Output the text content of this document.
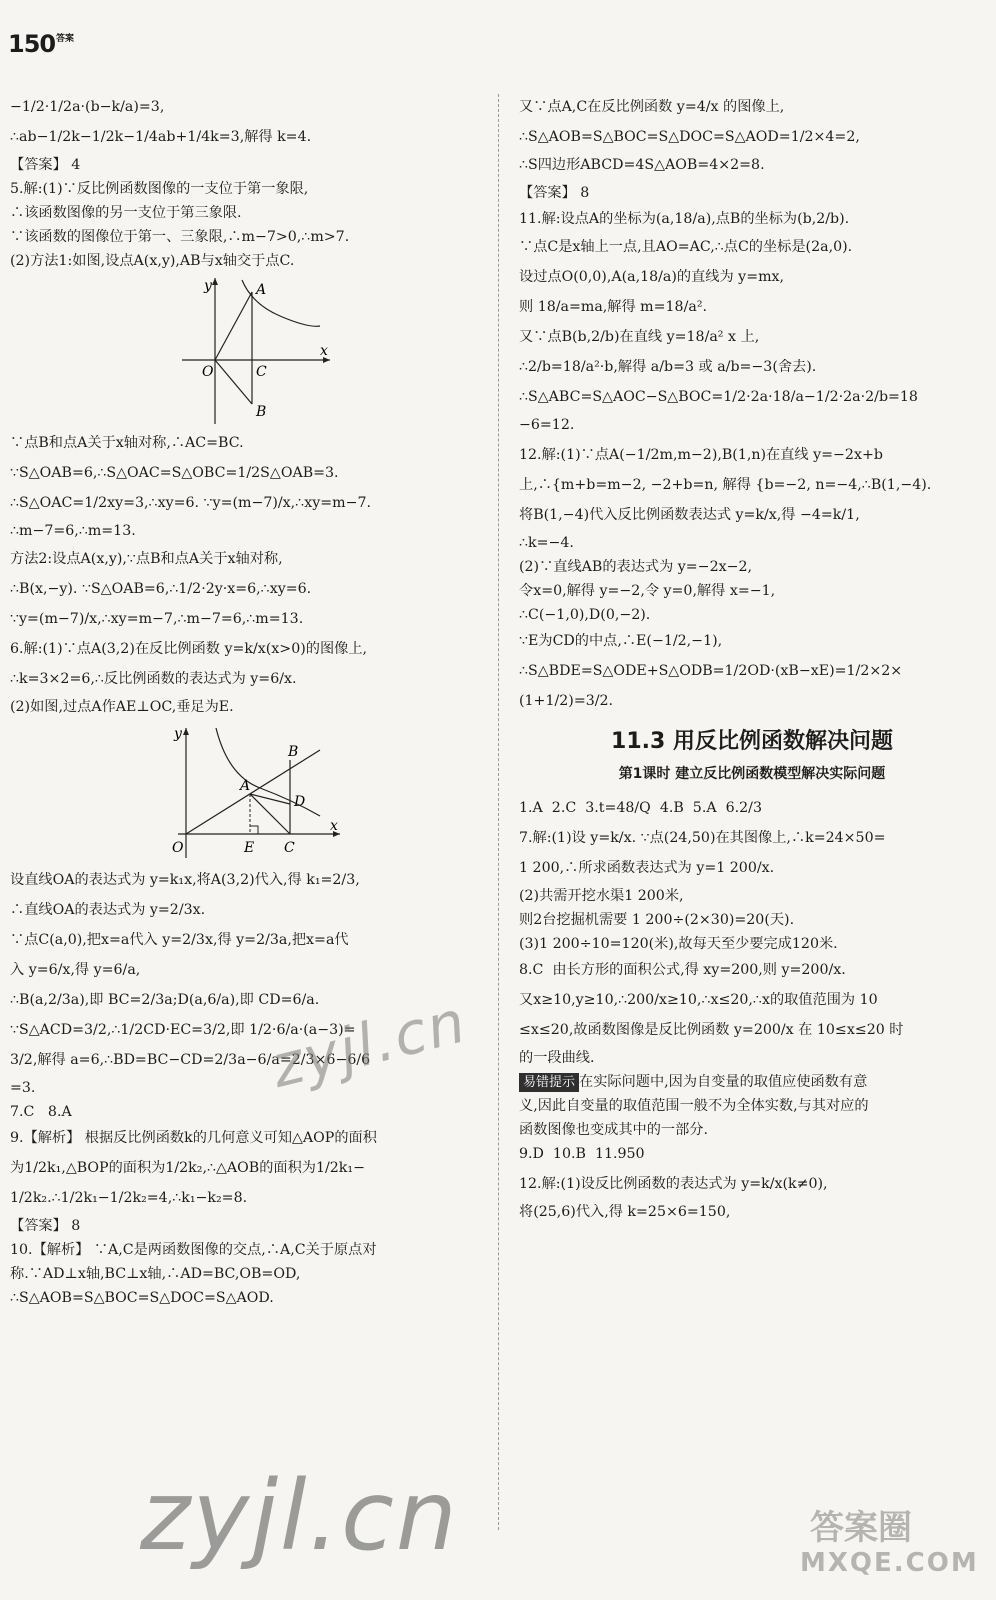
150 答案
−1/2·1/2a·(b−k/a)=3,
∴ab−1/2k−1/2k−1/4ab+1/4k=3,解得 k=4.
【答案】 4
5.解:(1)∵反比例函数图像的一支位于第一象限,
∴该函数图像的另一支位于第三象限.
∵该函数的图像位于第一、三象限,∴m−7>0,∴m>7.
(2)方法1:如图,设点A(x,y),AB与x轴交于点C.
y
x
O
A
C
B
∵点B和点A关于x轴对称,∴AC=BC.
∵S△OAB=6,∴S△OAC=S△OBC=1/2S△OAB=3.
∴S△OAC=1/2xy=3,∴xy=6. ∵y=(m−7)/x,∴xy=m−7.
∴m−7=6,∴m=13.
方法2:设点A(x,y),∵点B和点A关于x轴对称,
∴B(x,−y). ∵S△OAB=6,∴1/2·2y·x=6,∴xy=6.
∵y=(m−7)/x,∴xy=m−7,∴m−7=6,∴m=13.
6.解:(1)∵点A(3,2)在反比例函数 y=k/x(x>0)的图像上,
∴k=3×2=6,∴反比例函数的表达式为 y=6/x.
(2)如图,过点A作AE⊥OC,垂足为E.
y
x
O
A
B
D
E C
设直线OA的表达式为 y=k₁x,将A(3,2)代入,得 k₁=2/3,
∴直线OA的表达式为 y=2/3x.
∵点C(a,0),把x=a代入 y=2/3x,得 y=2/3a,把x=a代
入 y=6/x,得 y=6/a,
∴B(a,2/3a),即 BC=2/3a;D(a,6/a),即 CD=6/a.
∵S△ACD=3/2,∴1/2CD·EC=3/2,即 1/2·6/a·(a−3)=
3/2,解得 a=6,∴BD=BC−CD=2/3a−6/a=2/3×6−6/6
=3.
7.C   8.A
9.【解析】 根据反比例函数k的几何意义可知△AOP的面积
为1/2k₁,△BOP的面积为1/2k₂,∴△AOB的面积为1/2k₁−
1/2k₂.∴1/2k₁−1/2k₂=4,∴k₁−k₂=8.
【答案】 8
10.【解析】 ∵A,C是两函数图像的交点,∴A,C关于原点对
称.∵AD⊥x轴,BC⊥x轴,∴AD=BC,OB=OD,
∴S△AOB=S△BOC=S△DOC=S△AOD.
又∵点A,C在反比例函数 y=4/x 的图像上,
∴S△AOB=S△BOC=S△DOC=S△AOD=1/2×4=2,
∴S四边形ABCD=4S△AOB=4×2=8.
【答案】 8
11.解:设点A的坐标为(a,18/a),点B的坐标为(b,2/b).
∵点C是x轴上一点,且AO=AC,∴点C的坐标是(2a,0).
设过点O(0,0),A(a,18/a)的直线为 y=mx,
则 18/a=ma,解得 m=18/a².
又∵点B(b,2/b)在直线 y=18/a² x 上,
∴2/b=18/a²·b,解得 a/b=3 或 a/b=−3(舍去).
∴S△ABC=S△AOC−S△BOC=1/2·2a·18/a−1/2·2a·2/b=18
−6=12.
12.解:(1)∵点A(−1/2m,m−2),B(1,n)在直线 y=−2x+b
上,∴{m+b=m−2, −2+b=n, 解得 {b=−2, n=−4,∴B(1,−4).
将B(1,−4)代入反比例函数表达式 y=k/x,得 −4=k/1,
∴k=−4.
(2)∵直线AB的表达式为 y=−2x−2,
令x=0,解得 y=−2,令 y=0,解得 x=−1,
∴C(−1,0),D(0,−2).
∵E为CD的中点,∴E(−1/2,−1),
∴S△BDE=S△ODE+S△ODB=1/2OD·(xB−xE)=1/2×2×
(1+1/2)=3/2.
11.3 用反比例函数解决问题
第1课时 建立反比例函数模型解决实际问题
1.A  2.C  3.t=48/Q  4.B  5.A  6.2/3
7.解:(1)设 y=k/x. ∵点(24,50)在其图像上,∴k=24×50=
1 200,∴所求函数表达式为 y=1 200/x.
(2)共需开挖水渠1 200米,
则2台挖掘机需要 1 200÷(2×30)=20(天).
(3)1 200÷10=120(米),故每天至少要完成120米.
8.C  由长方形的面积公式,得 xy=200,则 y=200/x.
又x≥10,y≥10,∴200/x≥10,∴x≤20,∴x的取值范围为 10
≤x≤20,故函数图像是反比例函数 y=200/x 在 10≤x≤20 时
的一段曲线.
易错提示 在实际问题中,因为自变量的取值应使函数有意
义,因此自变量的取值范围一般不为全体实数,与其对应的
函数图像也变成其中的一部分.
9.D  10.B  11.950
12.解:(1)设反比例函数的表达式为 y=k/x(k≠0),
将(25,6)代入,得 k=25×6=150,
zyjl.cn
zyjl.cn	答案圈
MXQE.COM
